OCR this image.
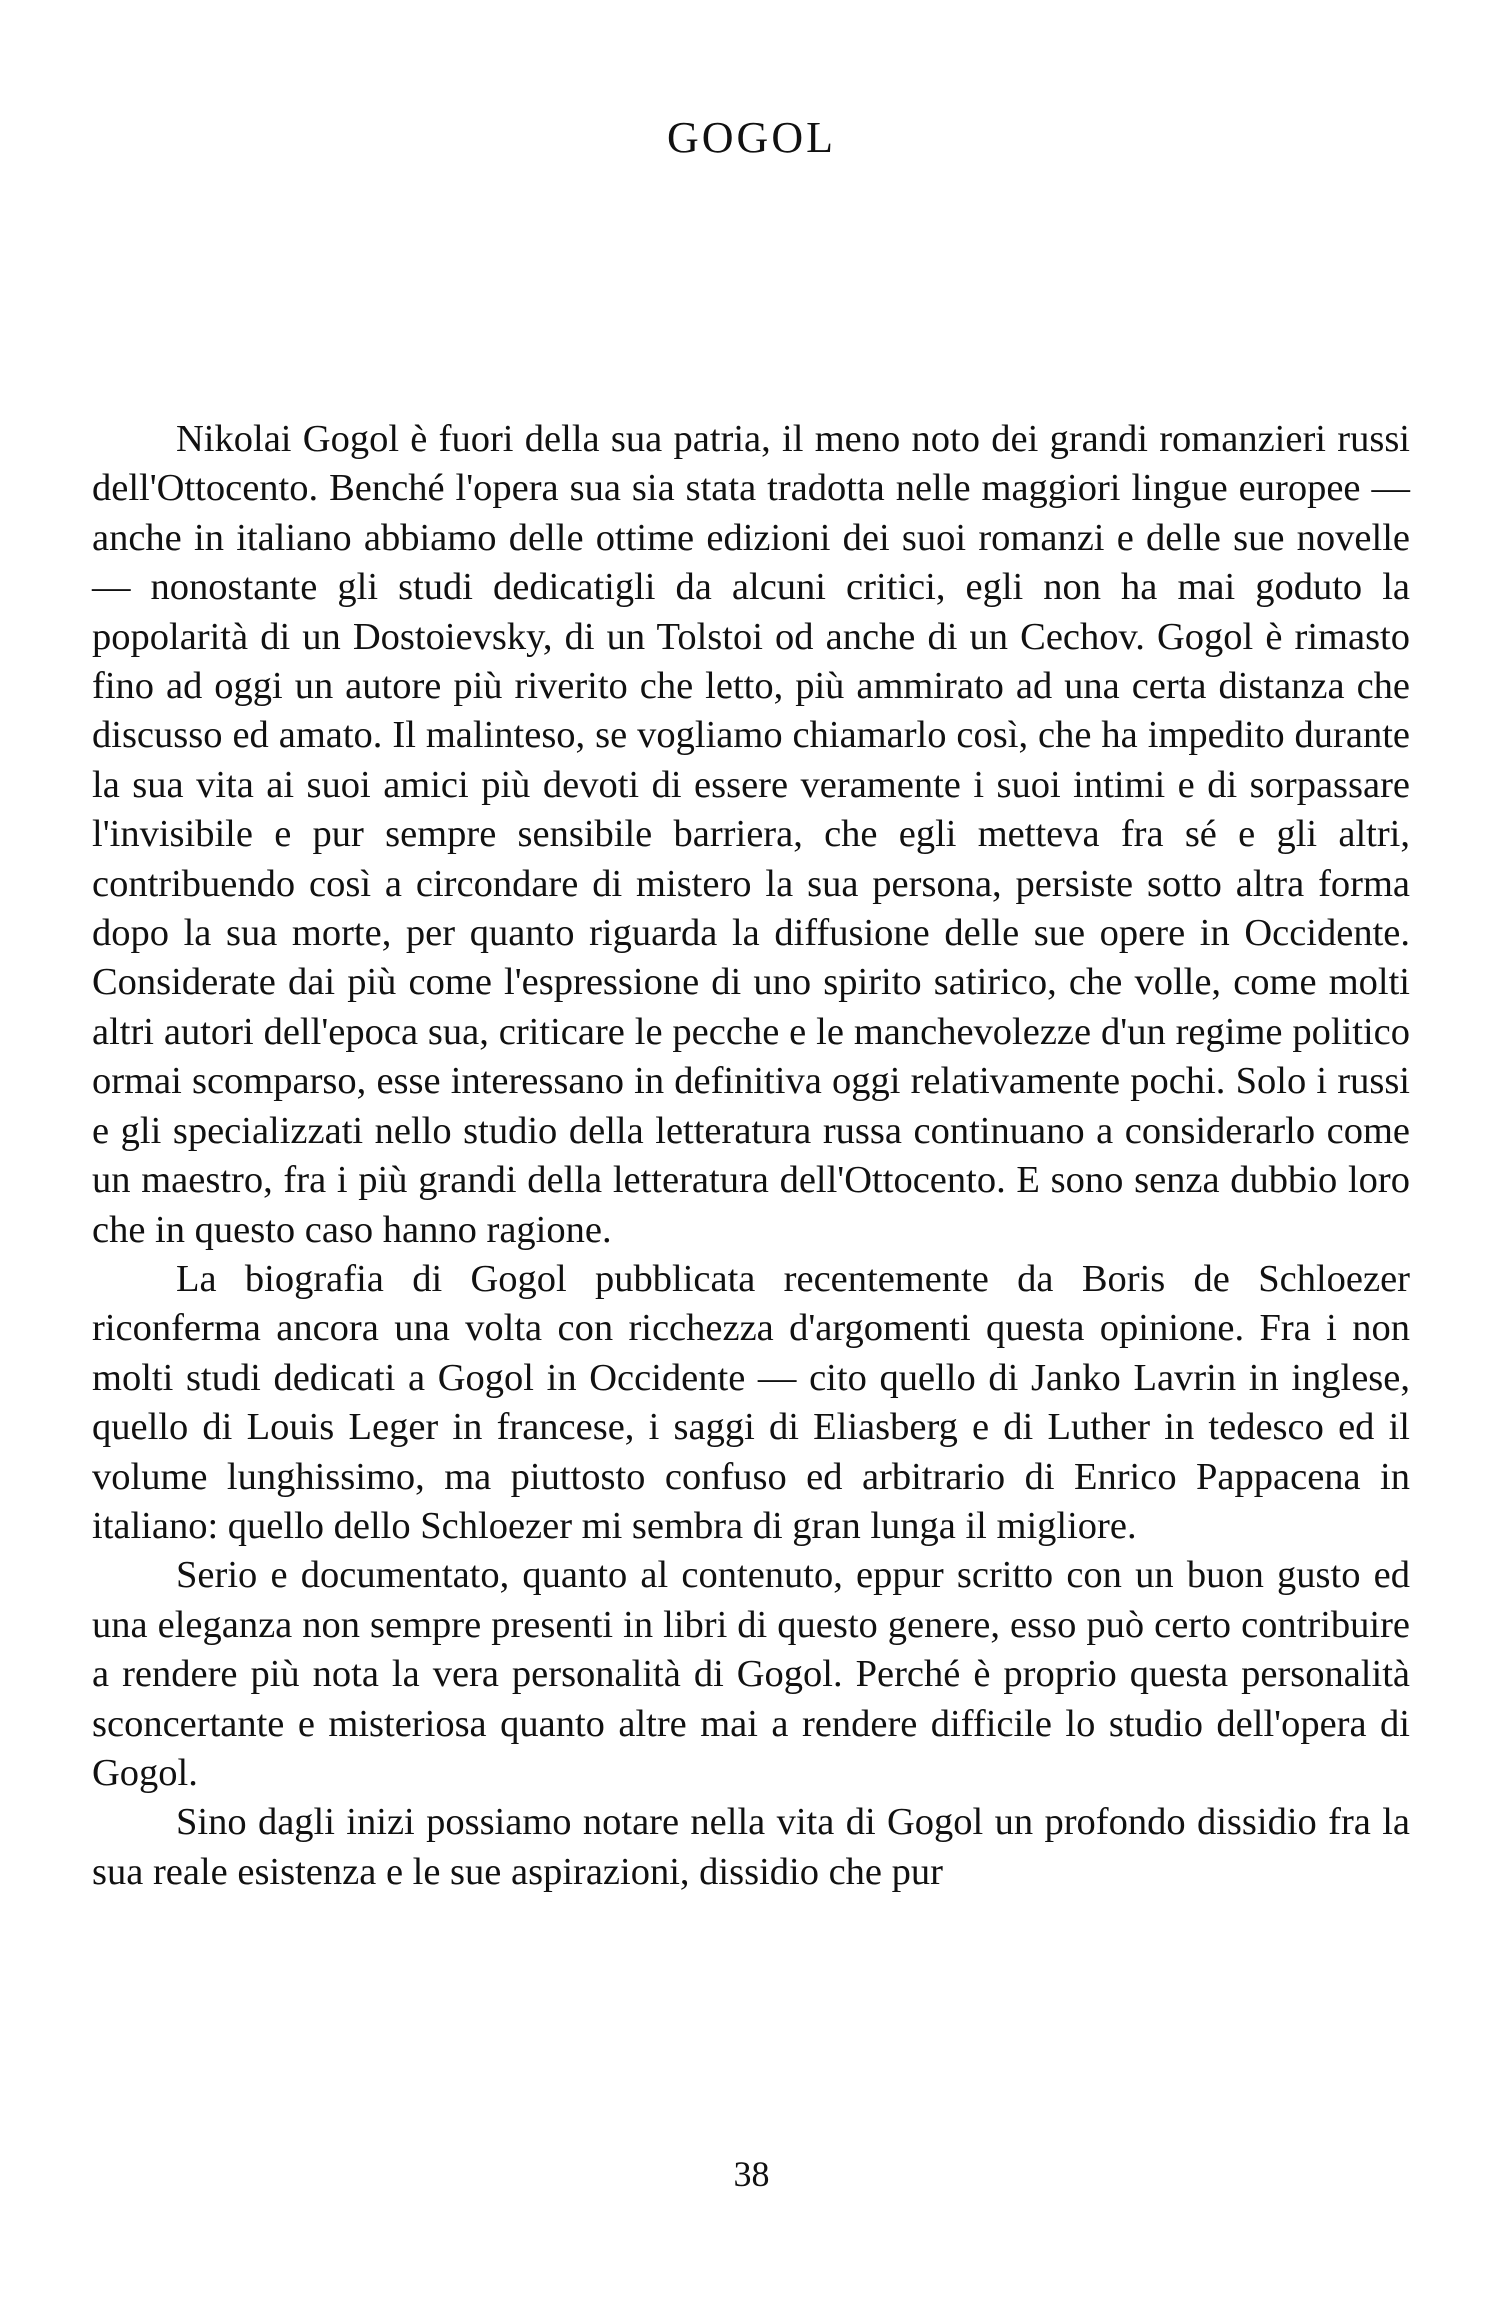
GOGOL

Nikolai Gogol è fuori della sua patria, il meno noto dei grandi romanzieri russi dell'Ottocento. Benché l'opera sua sia stata tradotta nelle maggiori lingue europee — anche in italiano abbiamo delle ottime edizioni dei suoi romanzi e delle sue novelle — nonostante gli studi dedicatigli da alcuni critici, egli non ha mai goduto la popolarità di un Dostoievsky, di un Tolstoi od anche di un Cechov. Gogol è rimasto fino ad oggi un autore più riverito che letto, più ammirato ad una certa distanza che discusso ed amato. Il malinteso, se vogliamo chiamarlo così, che ha impedito durante la sua vita ai suoi amici più devoti di essere veramente i suoi intimi e di sorpassare l'invisibile e pur sempre sensibile barriera, che egli metteva fra sé e gli altri, contribuendo così a circondare di mistero la sua persona, persiste sotto altra forma dopo la sua morte, per quanto riguarda la diffusione delle sue opere in Occidente. Considerate dai più come l'espressione di uno spirito satirico, che volle, come molti altri autori dell'epoca sua, criticare le pecche e le manchevolezze d'un regime politico ormai scomparso, esse interessano in definitiva oggi relativamente pochi. Solo i russi e gli specializzati nello studio della letteratura russa continuano a considerarlo come un maestro, fra i più grandi della letteratura dell'Ottocento. E sono senza dubbio loro che in questo caso hanno ragione.

La biografia di Gogol pubblicata recentemente da Boris de Schloezer riconferma ancora una volta con ricchezza d'argomenti questa opinione. Fra i non molti studi dedicati a Gogol in Occidente — cito quello di Janko Lavrin in inglese, quello di Louis Leger in francese, i saggi di Eliasberg e di Luther in tedesco ed il volume lunghissimo, ma piuttosto confuso ed arbitrario di Enrico Pappacena in italiano: quello dello Schloezer mi sembra di gran lunga il migliore.

Serio e documentato, quanto al contenuto, eppur scritto con un buon gusto ed una eleganza non sempre presenti in libri di questo genere, esso può certo contribuire a rendere più nota la vera personalità di Gogol. Perché è proprio questa personalità sconcertante e misteriosa quanto altre mai a rendere difficile lo studio dell'opera di Gogol.

Sino dagli inizi possiamo notare nella vita di Gogol un profondo dissidio fra la sua reale esistenza e le sue aspirazioni, dissidio che pur

38
